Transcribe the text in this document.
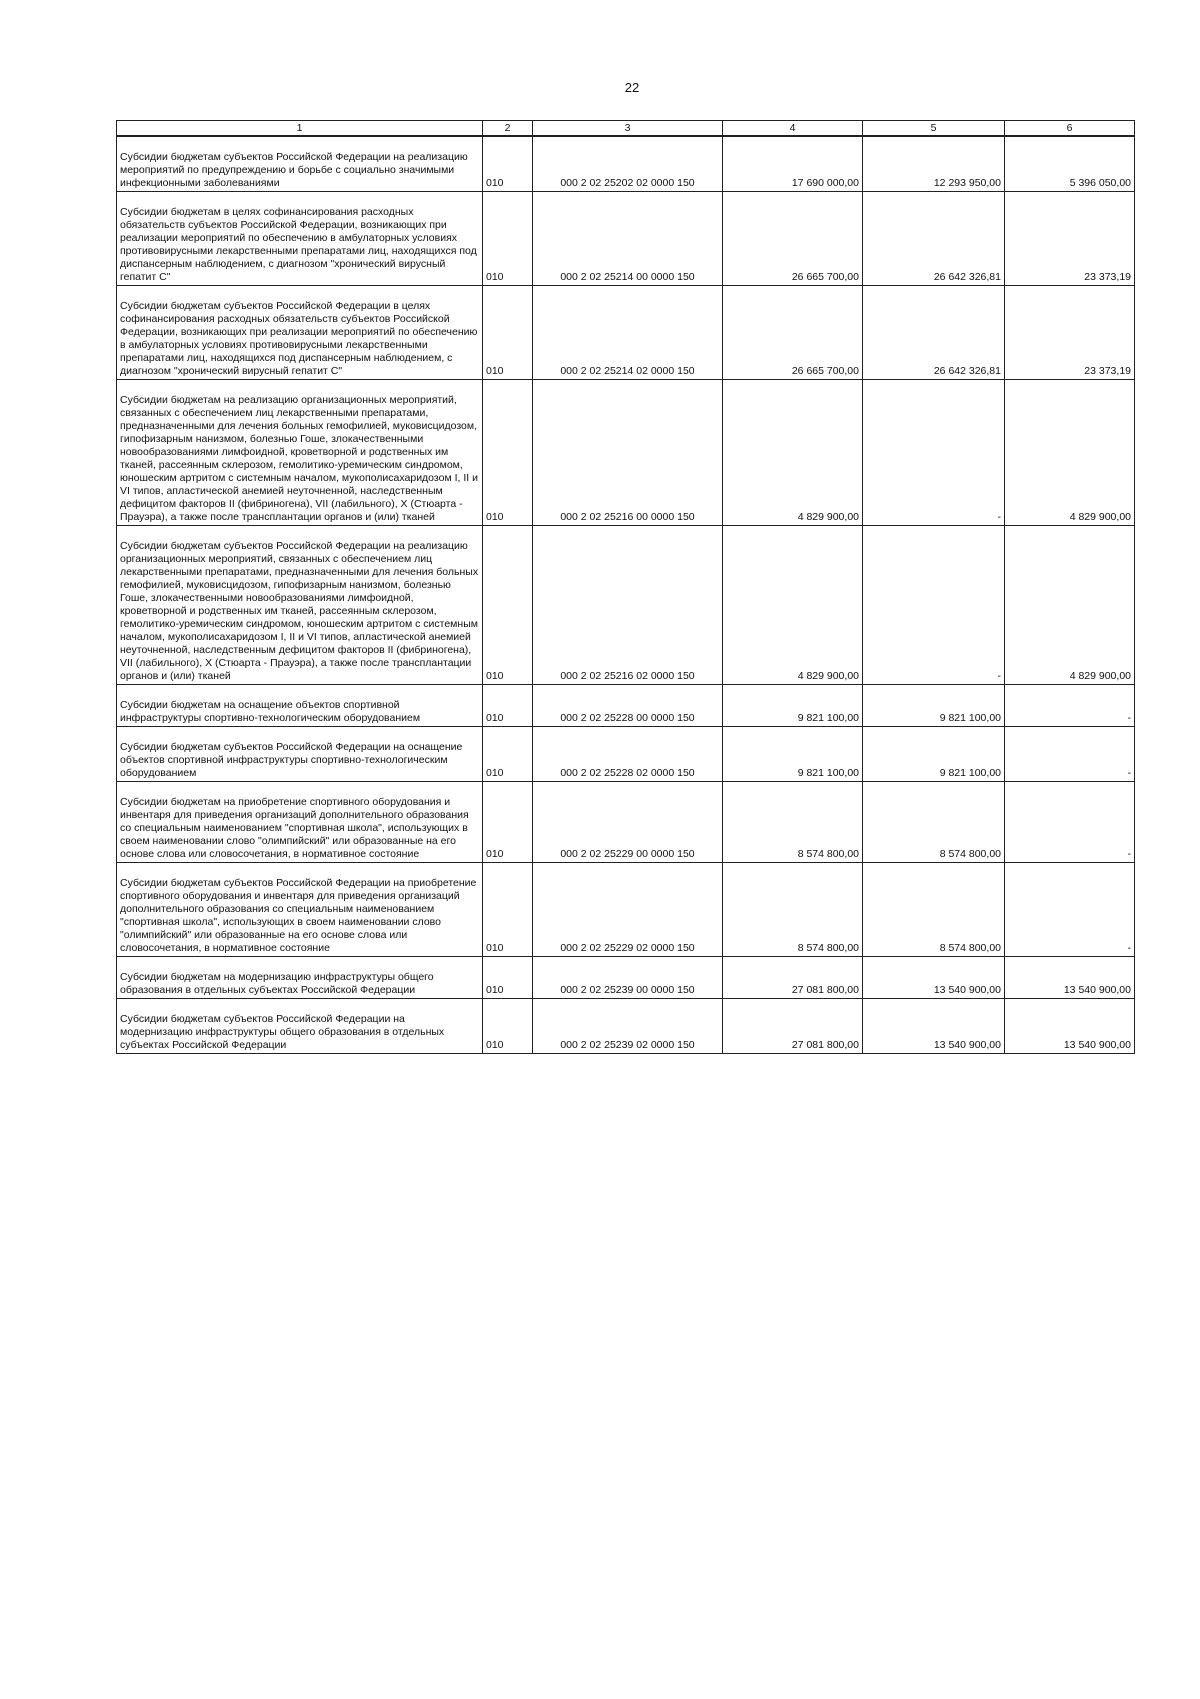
22
1	2	3	4	5	6
Субсидии бюджетам субъектов Российской Федерации на реализацию мероприятий по предупреждению и борьбе с социально значимыми инфекционными заболеваниями	010	000 2 02 25202 02 0000 150	17 690 000,00	12 293 950,00	5 396 050,00
Субсидии бюджетам в целях софинансирования расходных обязательств субъектов Российской Федерации, возникающих при реализации мероприятий по обеспечению в амбулаторных условиях противовирусными лекарственными препаратами лиц, находящихся под диспансерным наблюдением, с диагнозом "хронический вирусный гепатит С"	010	000 2 02 25214 00 0000 150	26 665 700,00	26 642 326,81	23 373,19
Субсидии бюджетам субъектов Российской Федерации в целях софинансирования расходных обязательств субъектов Российской Федерации, возникающих при реализации мероприятий по обеспечению в амбулаторных условиях противовирусными лекарственными препаратами лиц, находящихся под диспансерным наблюдением, с диагнозом "хронический вирусный гепатит С"	010	000 2 02 25214 02 0000 150	26 665 700,00	26 642 326,81	23 373,19
Субсидии бюджетам на реализацию организационных мероприятий, связанных с обеспечением лиц лекарственными препаратами, предназначенными для лечения больных гемофилией, муковисцидозом, гипофизарным нанизмом, болезнью Гоше, злокачественными новообразованиями лимфоидной, кроветворной и родственных им тканей, рассеянным склерозом, гемолитико-уремическим синдромом, юношеским артритом с системным началом, мукополисахаридозом I, II и VI типов, апластической анемией неуточненной, наследственным дефицитом факторов II (фибриногена), VII (лабильного), X (Стюарта - Прауэра), а также после трансплантации органов и (или) тканей	010	000 2 02 25216 00 0000 150	4 829 900,00	-	4 829 900,00
Субсидии бюджетам субъектов Российской Федерации на реализацию организационных мероприятий, связанных с обеспечением лиц лекарственными препаратами, предназначенными для лечения больных гемофилией, муковисцидозом, гипофизарным нанизмом, болезнью Гоше, злокачественными новообразованиями лимфоидной, кроветворной и родственных им тканей, рассеянным склерозом, гемолитико-уремическим синдромом, юношеским артритом с системным началом, мукополисахаридозом I, II и VI типов, апластической анемией неуточненной, наследственным дефицитом факторов II (фибриногена), VII (лабильного), X (Стюарта - Прауэра), а также после трансплантации органов и (или) тканей	010	000 2 02 25216 02 0000 150	4 829 900,00	-	4 829 900,00
Субсидии бюджетам на оснащение объектов спортивной инфраструктуры спортивно-технологическим оборудованием	010	000 2 02 25228 00 0000 150	9 821 100,00	9 821 100,00	-
Субсидии бюджетам субъектов Российской Федерации на оснащение объектов спортивной инфраструктуры спортивно-технологическим оборудованием	010	000 2 02 25228 02 0000 150	9 821 100,00	9 821 100,00	-
Субсидии бюджетам на приобретение спортивного оборудования и инвентаря для приведения организаций дополнительного образования со специальным наименованием "спортивная школа", использующих в своем наименовании слово "олимпийский" или образованные на его основе слова или словосочетания, в нормативное состояние	010	000 2 02 25229 00 0000 150	8 574 800,00	8 574 800,00	-
Субсидии бюджетам субъектов Российской Федерации на приобретение спортивного оборудования и инвентаря для приведения организаций дополнительного образования со специальным наименованием "спортивная школа", использующих в своем наименовании слово "олимпийский" или образованные на его основе слова или словосочетания, в нормативное состояние	010	000 2 02 25229 02 0000 150	8 574 800,00	8 574 800,00	-
Субсидии бюджетам на модернизацию инфраструктуры общего образования в отдельных субъектах Российской Федерации	010	000 2 02 25239 00 0000 150	27 081 800,00	13 540 900,00	13 540 900,00
Субсидии бюджетам субъектов Российской Федерации на модернизацию инфраструктуры общего образования в отдельных субъектах Российской Федерации	010	000 2 02 25239 02 0000 150	27 081 800,00	13 540 900,00	13 540 900,00
